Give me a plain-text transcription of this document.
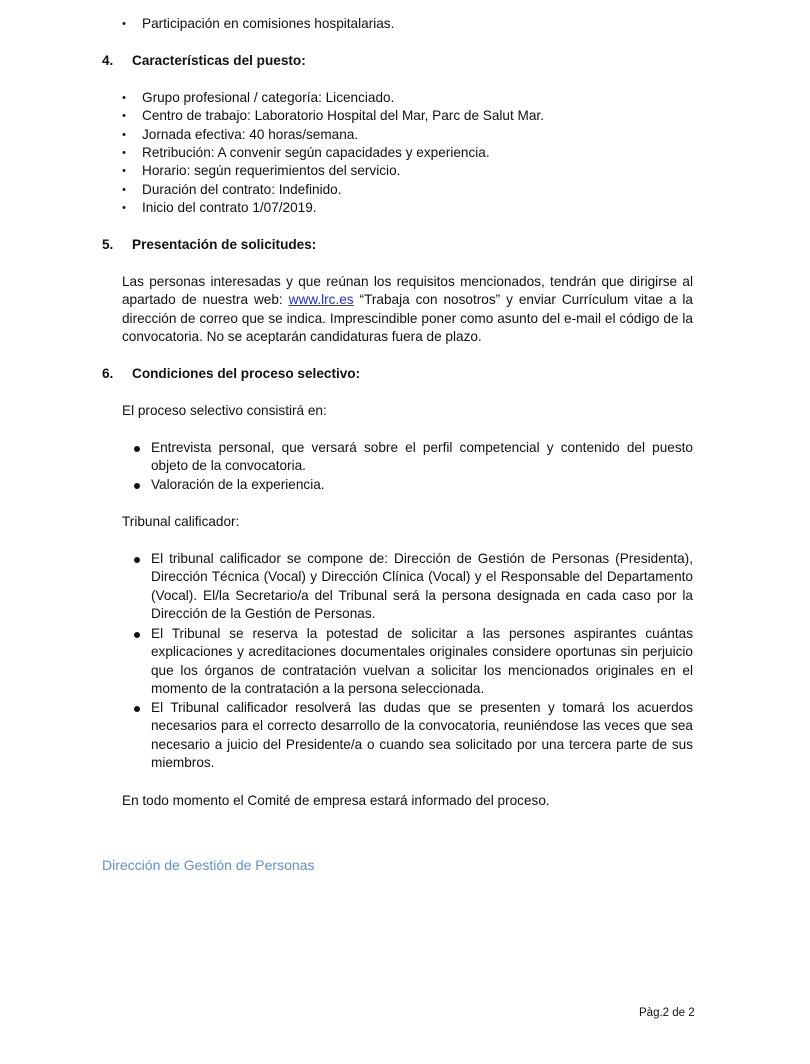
•	Participación en comisiones hospitalarias.
4. Características del puesto:
•	Grupo profesional / categoría: Licenciado.
•	Centro de trabajo: Laboratorio Hospital del Mar, Parc de Salut Mar.
•	Jornada efectiva: 40 horas/semana.
•	Retribución: A convenir según capacidades y experiencia.
•	Horario: según requerimientos del servicio.
•	Duración del contrato: Indefinido.
•	Inicio del contrato 1/07/2019.
5. Presentación de solicitudes:
Las personas interesadas y que reúnan los requisitos mencionados, tendrán que dirigirse al apartado de nuestra web: www.lrc.es “Trabaja con nosotros” y enviar Currículum vitae a la dirección de correo que se indica. Imprescindible poner como asunto del e-mail el código de la convocatoria. No se aceptarán candidaturas fuera de plazo.
6. Condiciones del proceso selectivo:
El proceso selectivo consistirá en:
Entrevista personal, que versará sobre el perfil competencial y contenido del puesto objeto de la convocatoria.
Valoración de la experiencia.
Tribunal calificador:
El tribunal calificador se compone de: Dirección de Gestión de Personas (Presidenta), Dirección Técnica (Vocal) y Dirección Clínica (Vocal) y el Responsable del Departamento (Vocal). El/la Secretario/a del Tribunal será la persona designada en cada caso por la Dirección de la Gestión de Personas.
El Tribunal se reserva la potestad de solicitar a las persones aspirantes cuántas explicaciones y acreditaciones documentales originales considere oportunas sin perjuicio que los órganos de contratación vuelvan a solicitar los mencionados originales en el momento de la contratación a la persona seleccionada.
El Tribunal calificador resolverá las dudas que se presenten y tomará los acuerdos necesarios para el correcto desarrollo de la convocatoria, reuniéndose las veces que sea necesario a juicio del Presidente/a o cuando sea solicitado por una tercera parte de sus miembros.
En todo momento el Comité de empresa estará informado del proceso.
Dirección de Gestión de Personas
Pàg.2 de 2
